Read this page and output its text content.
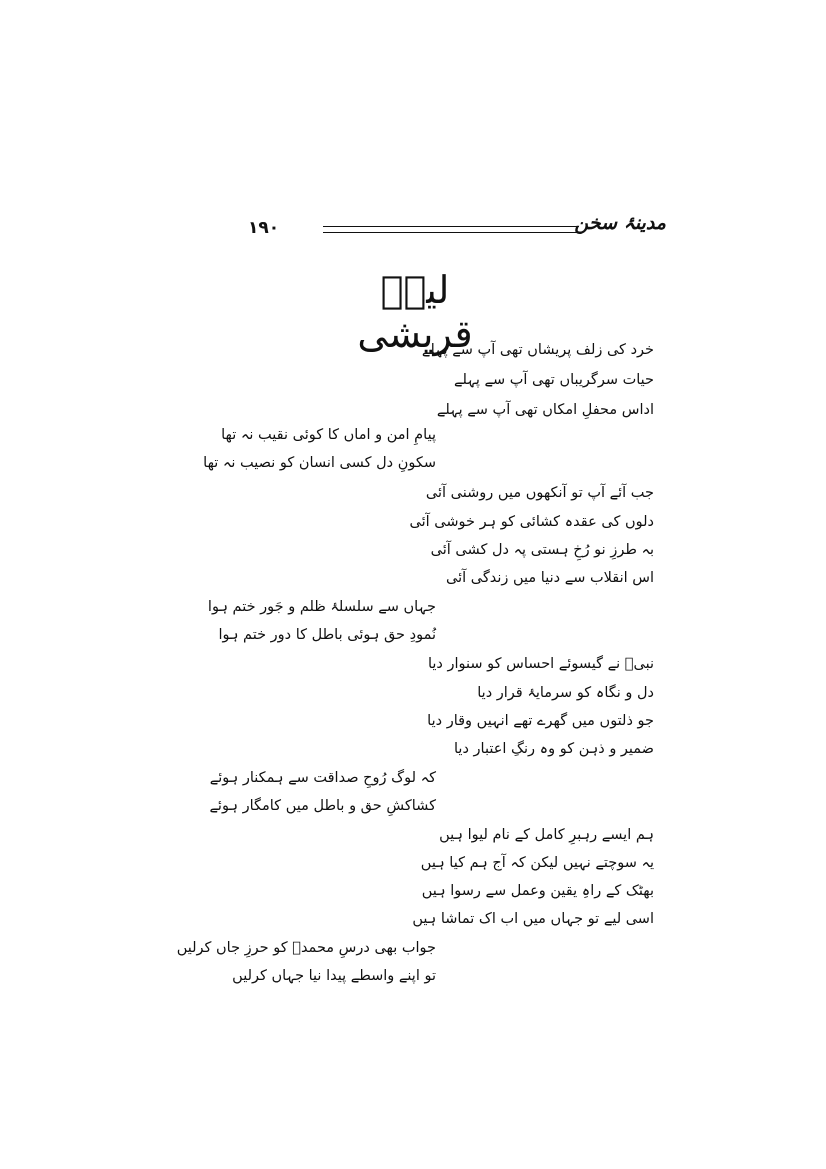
۱۹۰	مدینۂ سخن
لیثؔ قریشی
خرد کی زلف پریشاں تھی آپ سے پہلے
حیات سرگریباں تھی آپ سے پہلے
اداس محفلِ امکاں تھی آپ سے پہلے
پیامِ امن و اماں کا کوئی نقیب نہ تھا
سکونِ دل کسی انسان کو نصیب نہ تھا
جب آئے آپ تو آنکھوں میں روشنی آئی
دلوں کی عقدہ کشائی کو ہر خوشی آئی
بہ طرزِ نو رُخِ ہستی پہ دل کشی آئی
اس انقلاب سے دنیا میں زندگی آئی
جہاں سے سلسلۂ ظلم و جَور ختم ہوا
نُمودِ حق ہوئی باطل کا دور ختم ہوا
نبیؐ نے گیسوئے احساس کو سنوار دیا
دل و نگاہ کو سرمایۂ قرار دیا
جو ذلتوں میں گھرے تھے انہیں وقار دیا
ضمیر و ذہن کو وہ رنگِ اعتبار دیا
کہ لوگ رُوحِ صداقت سے ہمکنار ہوئے
کشاکشِ حق و باطل میں کامگار ہوئے
ہم ایسے رہبرِ کامل کے نام لیوا ہیں
یہ سوچتے نہیں لیکن کہ آج ہم کیا ہیں
بھٹک کے راہِ یقین وعمل سے رسوا ہیں
اسی لیے تو جہاں میں اب اک تماشا ہیں
جواب بھی درسِ محمدؐ کو حرزِ جاں کرلیں
تو اپنے واسطے پیدا نیا جہاں کرلیں
